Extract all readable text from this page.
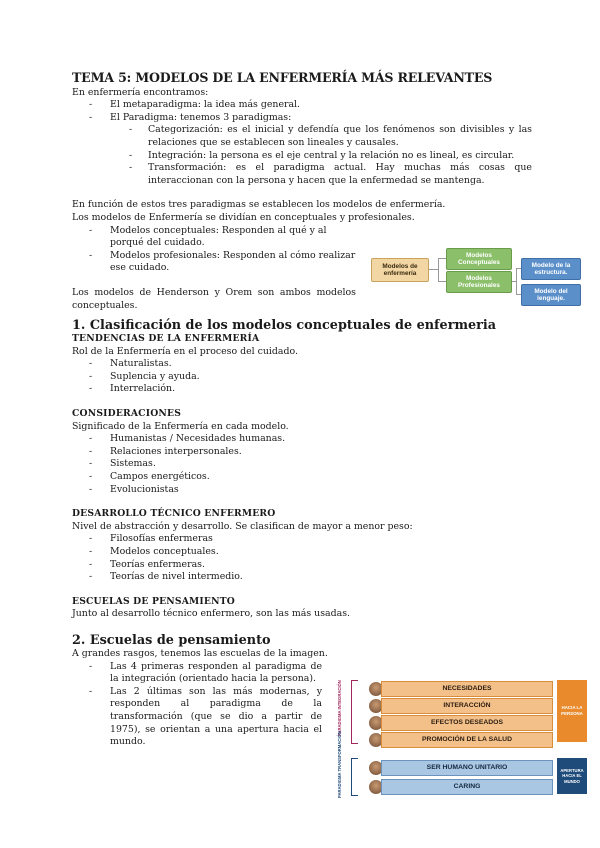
TEMA 5: MODELOS DE LA ENFERMERÍA MÁS RELEVANTES

En enfermería encontramos:

- El metaparadigma: la idea más general.
- El Paradigma: tenemos 3 paradigmas:
- Categorización: es el inicial y defendía que los fenómenos son divisibles y las relaciones que se establecen son lineales y causales.
- Integración: la persona es el eje central y la relación no es lineal, es circular.
- Transformación: es el paradigma actual. Hay muchas más cosas que interaccionan con la persona y hacen que la enfermedad se mantenga.

En función de estos tres paradigmas se establecen los modelos de enfermería.

Los modelos de Enfermería se dividían en conceptuales y profesionales.

- Modelos conceptuales: Responden al qué y al porqué del cuidado.
- Modelos profesionales: Responden al cómo realizar ese cuidado.

Los modelos de Henderson y Orem son ambos modelos conceptuales.

1. Clasificación de los modelos conceptuales de enfermeria
TENDENCIAS DE LA ENFERMERÍA

Rol de la Enfermería en el proceso del cuidado.

- Naturalistas.
- Suplencia y ayuda.
- Interrelación.
CONSIDERACIONES

Significado de la Enfermería en cada modelo.

- Humanistas / Necesidades humanas.
- Relaciones interpersonales.
- Sistemas.
- Campos energéticos.
- Evolucionistas
DESARROLLO TÉCNICO ENFERMERO

Nivel de abstracción y desarrollo. Se clasifican de mayor a menor peso:

- Filosofías enfermeras
- Modelos conceptuales.
- Teorías enfermeras.
- Teorías de nivel intermedio.
ESCUELAS DE PENSAMIENTO

Junto al desarrollo técnico enfermero, son las más usadas.

2. Escuelas de pensamiento

A grandes rasgos, tenemos las escuelas de la imagen.

- Las 4 primeras responden al paradigma de la integración (orientado hacia la persona).
- Las 2 últimas son las más modernas, y responden al paradigma de la transformación (que se dio a partir de 1975), se orientan a una apertura hacia el mundo.
Modelos de enfermería
Modelos Conceptuales
Modelos Profesionales
Modelo de la estructura.
Modelo del lenguaje.
PARADIGMA INTEGRACIÓN
PARADIGMA TRANSFORMACIÓN
NECESIDADES
INTERACCIÓN
EFECTOS DESEADOS
PROMOCIÓN DE LA SALUD
SER HUMANO UNITARIO
CARING
HACIA LA PERSONA
APERTURA HACIA EL MUNDO
